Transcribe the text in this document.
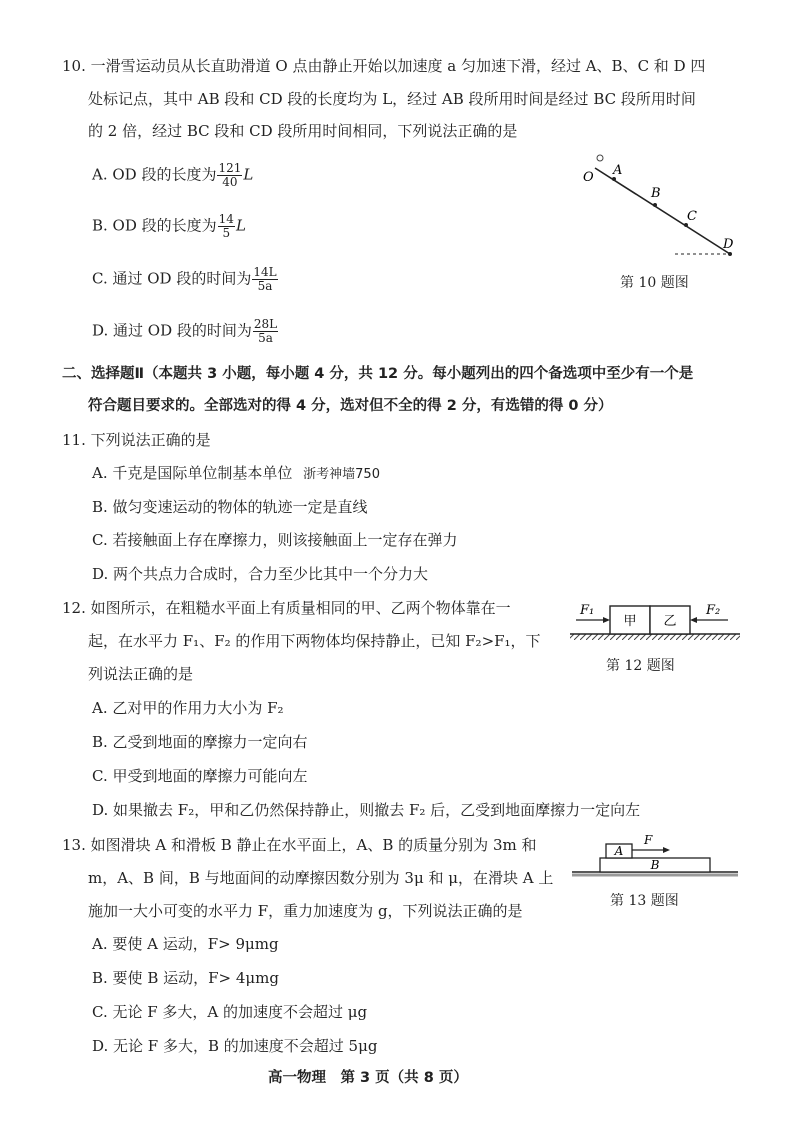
10. 一滑雪运动员从长直助滑道 O 点由静止开始以加速度 a 匀加速下滑，经过 A、B、C 和 D 四
处标记点，其中 AB 段和 CD 段的长度均为 L，经过 AB 段所用时间是经过 BC 段所用时间
的 2 倍，经过 BC 段和 CD 段所用时间相同，下列说法正确的是
A. OD 段的长度为 $\frac{121}{40}$ L
B. OD 段的长度为 $\frac{14}{5}$ L
C. 通过 OD 段的时间为 $\frac{14L}{5a}$
D. 通过 OD 段的时间为 $\frac{28L}{5a}$
O A
B
C
D
第 10 题图
二、选择题Ⅱ（本题共 3 小题，每小题 4 分，共 12 分。每小题列出的四个备选项中至少有一个是
符合题目要求的。全部选对的得 4 分，选对但不全的得 2 分，有选错的得 0 分）
11. 下列说法正确的是
A. 千克是国际单位制基本单位 浙考神墙750
B. 做匀变速运动的物体的轨迹一定是直线
C. 若接触面上存在摩擦力，则该接触面上一定存在弹力
D. 两个共点力合成时，合力至少比其中一个分力大
12. 如图所示，在粗糙水平面上有质量相同的甲、乙两个物体靠在一
起，在水平力 F₁、F₂ 的作用下两物体均保持静止，已知 F₂>F₁，下
列说法正确的是
甲 乙
F₁	F₂
第 12 题图
A. 乙对甲的作用力大小为 F₂
B. 乙受到地面的摩擦力一定向右
C. 甲受到地面的摩擦力可能向左
D. 如果撤去 F₂，甲和乙仍然保持静止，则撤去 F₂ 后，乙受到地面摩擦力一定向左
13. 如图滑块 A 和滑板 B 静止在水平面上，A、B 的质量分别为 3m 和
m，A、B 间，B 与地面间的动摩擦因数分别为 3μ 和 μ，在滑块 A 上
施加一大小可变的水平力 F，重力加速度为 g，下列说法正确的是
A
B
F
第 13 题图
A. 要使 A 运动，F> 9μmg
B. 要使 B 运动，F> 4μmg
C. 无论 F 多大，A 的加速度不会超过 μg
D. 无论 F 多大，B 的加速度不会超过 5μg
高一物理　第 3 页（共 8 页）
